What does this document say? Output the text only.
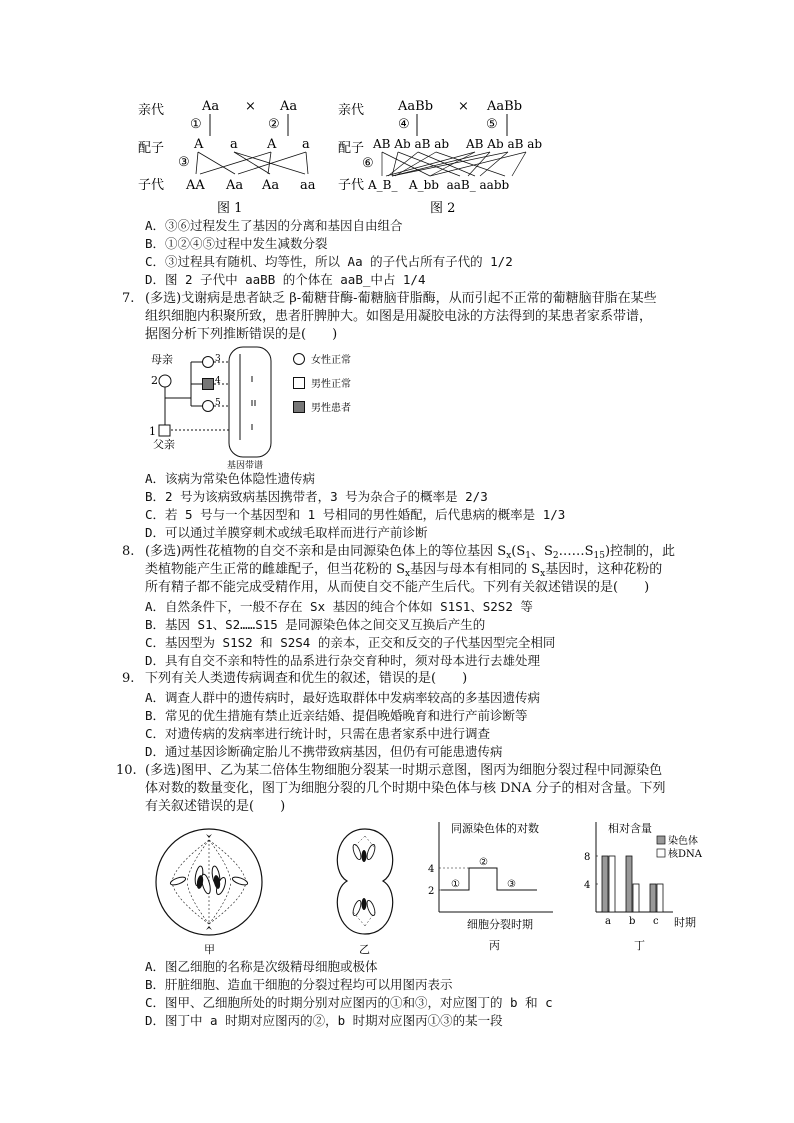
亲代
配子
子代
Aa × Aa
①	②
③
A a A a
AA Aa Aa aa
图 1
亲代
配子
子代
AaBb × AaBb
④	⑤
⑥
AB Ab aB ab AB Ab aB ab
A_B_   A_bb  aaB_ aabb
图 2
A．③⑥过程发生了基因的分离和基因自由组合
B．①②④⑤过程中发生减数分裂
C．③过程具有随机、均等性，所以 Aa 的子代占所有子代的 1/2
D．图 2 子代中 aaBB 的个体在 aaB_中占 1/4
7. (多选)戈谢病是患者缺乏 β-葡糖苷酶-葡糖脑苷脂酶，从而引起不正常的葡糖脑苷脂在某些
组织细胞内积聚所致，患者肝脾肿大。如图是用凝胶电泳的方法得到的某患者家系带谱，
据图分析下列推断错误的是(　　)
母亲
2
3
4
5
1
父亲
基因带谱
女性正常
男性正常
男性患者
A．该病为常染色体隐性遗传病
B．2 号为该病致病基因携带者，3 号为杂合子的概率是 2/3
C．若 5 号与一个基因型和 1 号相同的男性婚配，后代患病的概率是 1/3
D．可以通过羊膜穿刺术或绒毛取样而进行产前诊断
8. (多选)两性花植物的自交不亲和是由同源染色体上的等位基因 $S_x(S_1$、$S_2\dots\dots S_{15}$)控制的，此
类植物能产生正常的雌雄配子，但当花粉的 $S_x$基因与母本有相同的 $S_x$基因时，这种花粉的
所有精子都不能完成受精作用，从而使自交不能产生后代。下列有关叙述错误的是(　　)
A．自然条件下，一般不存在 Sx 基因的纯合个体如 S1S1、S2S2 等
B．基因 S1、S2……S15 是同源染色体之间交叉互换后产生的
C．基因型为 S1S2 和 S2S4 的亲本，正交和反交的子代基因型完全相同
D．具有自交不亲和特性的品系进行杂交育种时，须对母本进行去雄处理
9. 下列有关人类遗传病调查和优生的叙述，错误的是(　　)
A．调查人群中的遗传病时，最好选取群体中发病率较高的多基因遗传病
B．常见的优生措施有禁止近亲结婚、提倡晚婚晚育和进行产前诊断等
C．对遗传病的发病率进行统计时，只需在患者家系中进行调查
D．通过基因诊断确定胎儿不携带致病基因，但仍有可能患遗传病
10. (多选)图甲、乙为某二倍体生物细胞分裂某一时期示意图，图丙为细胞分裂过程中同源染色
体对数的数量变化，图丁为细胞分裂的几个时期中染色体与核 DNA 分子的相对含量。下列
有关叙述错误的是(　　)
甲	乙
同源染色体的对数
细胞分裂时期
2
4
①
②
③
丙
相对含量
染色体
核DNA
时期
4
8
a b c
丁
A．图乙细胞的名称是次级精母细胞或极体
B．肝脏细胞、造血干细胞的分裂过程均可以用图丙表示
C．图甲、乙细胞所处的时期分别对应图丙的①和③，对应图丁的 b 和 c
D．图丁中 a 时期对应图丙的②，b 时期对应图丙①③的某一段
